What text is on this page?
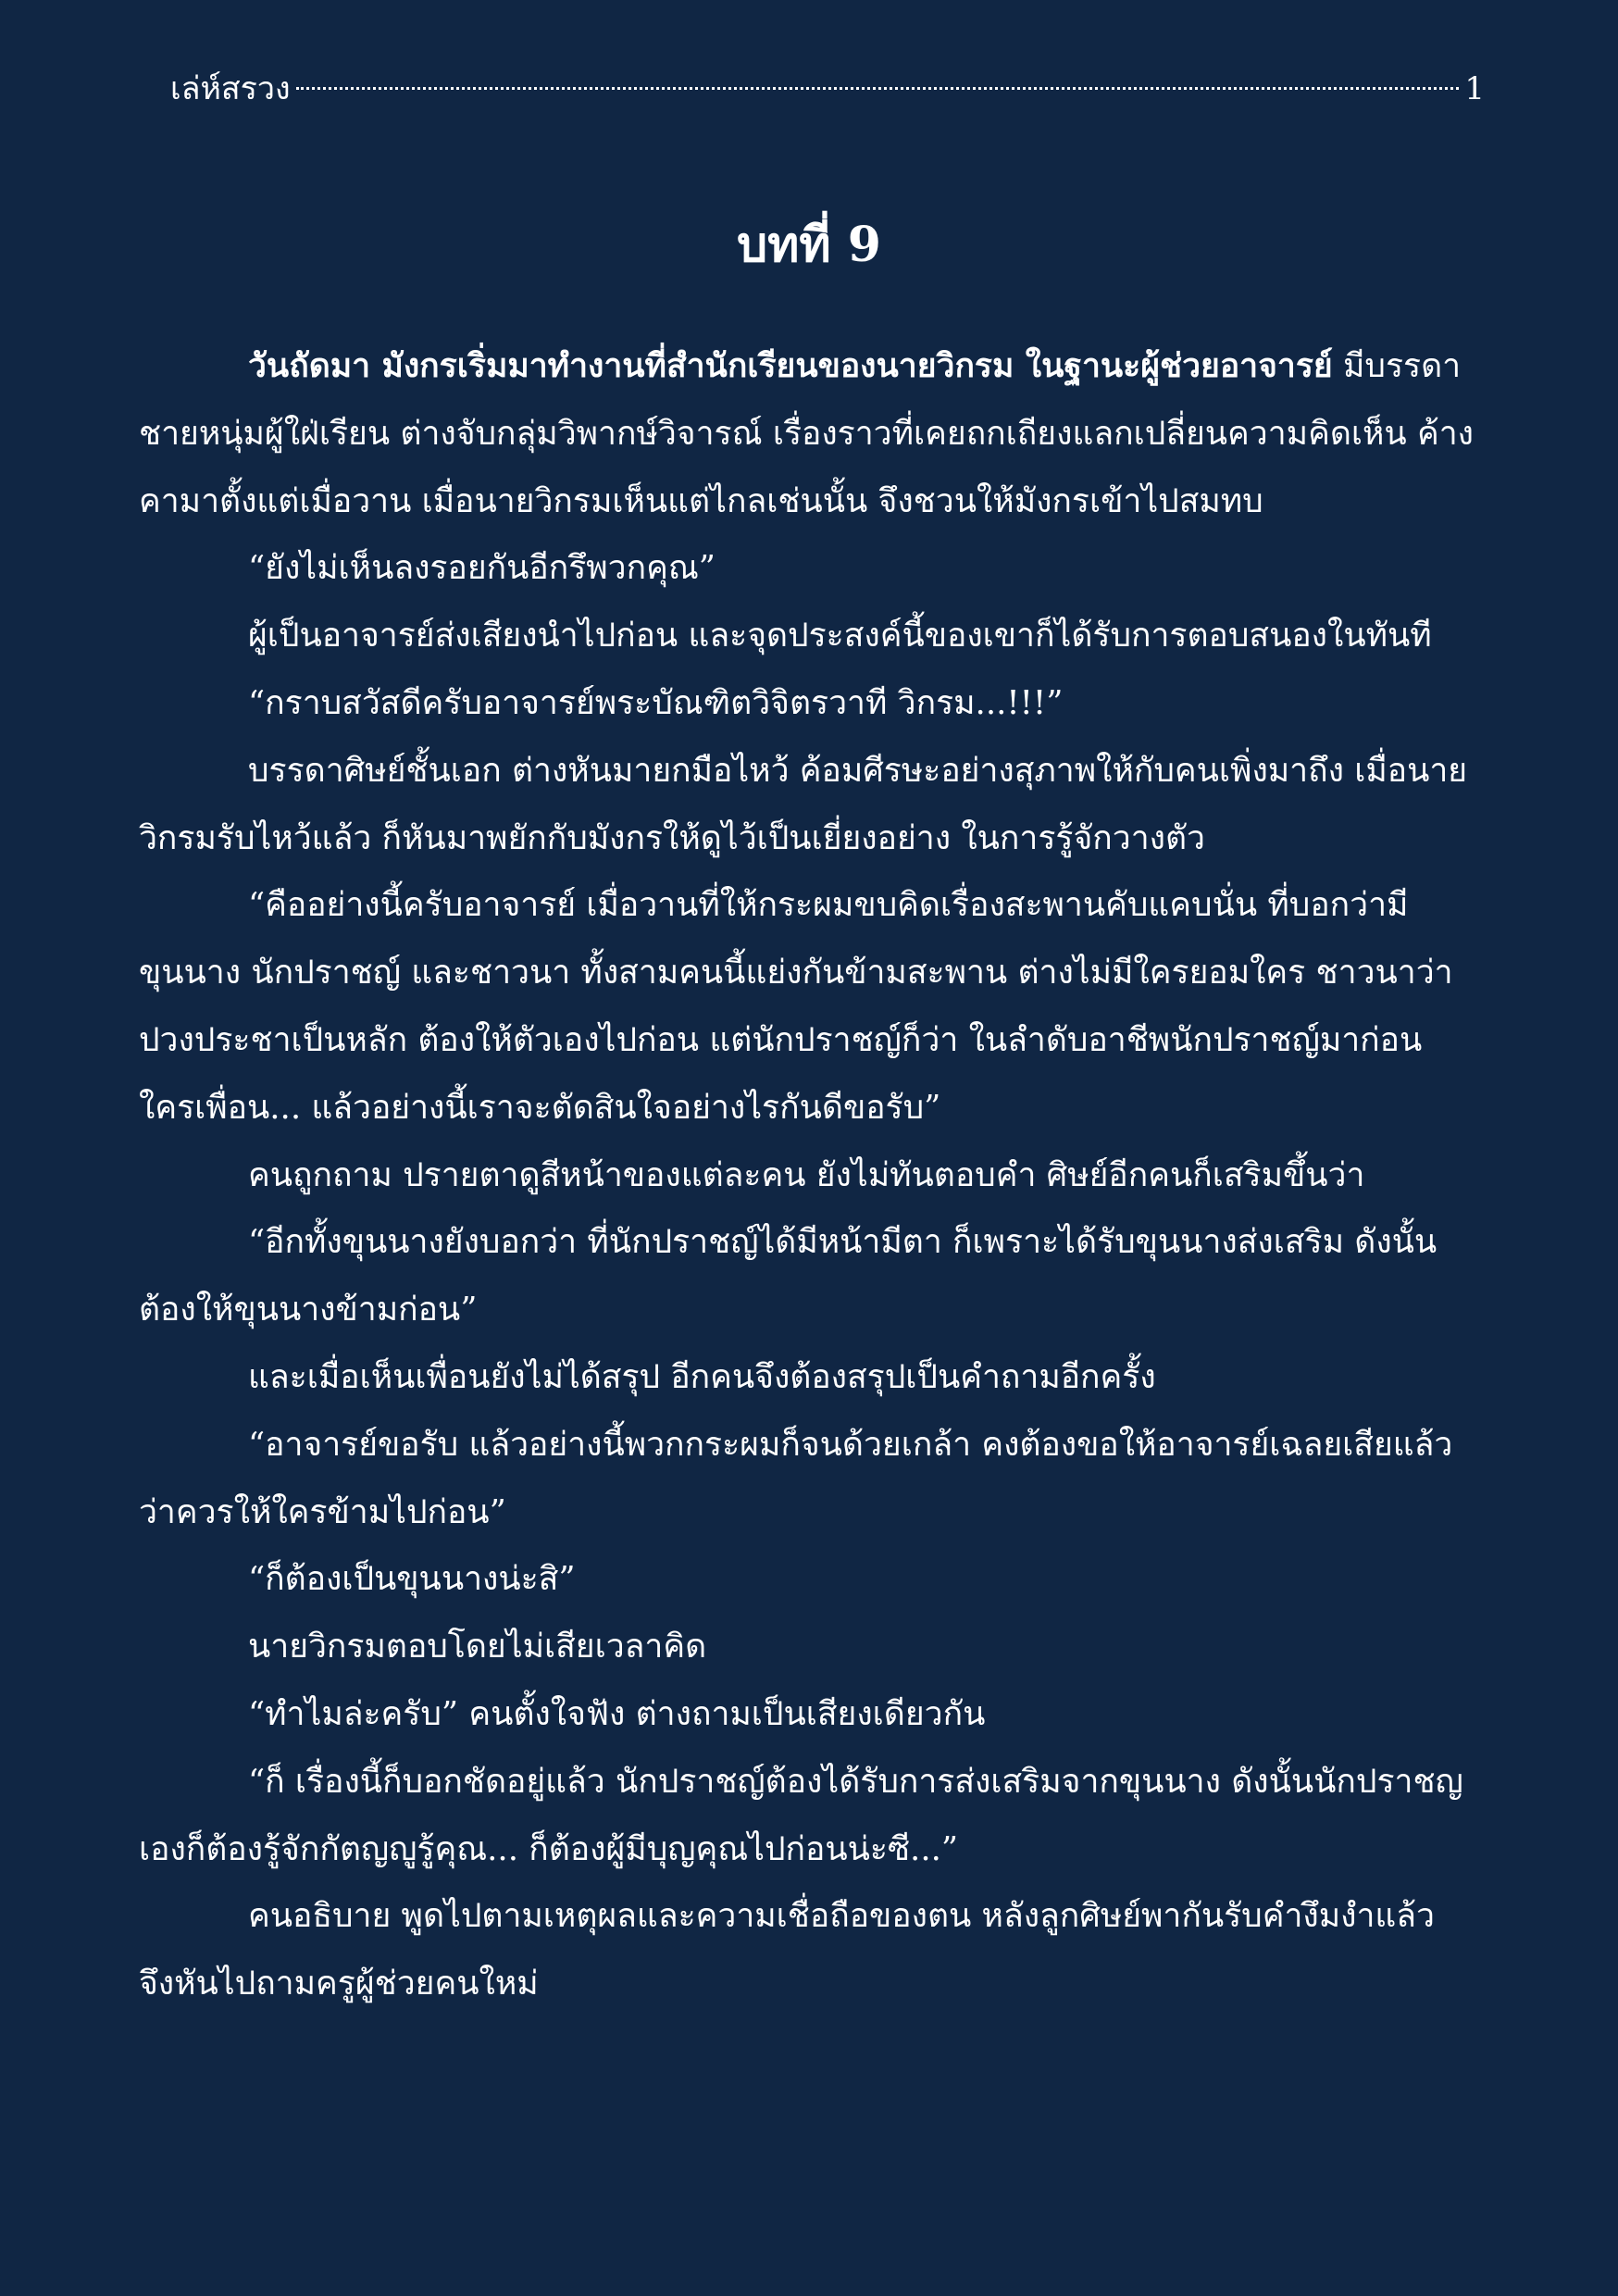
เล่ห์สรวง	1
บทที่ 9

วันถัดมา มังกรเริ่มมาทำงานที่สำนักเรียนของนายวิกรม ในฐานะผู้ช่วยอาจารย์ มีบรรดาชายหนุ่มผู้ใฝ่เรียน ต่างจับกลุ่มวิพากษ์วิจารณ์ เรื่องราวที่เคยถกเถียงแลกเปลี่ยนความคิดเห็น ค้างคามาตั้งแต่เมื่อวาน เมื่อนายวิกรมเห็นแต่ไกลเช่นนั้น จึงชวนให้มังกรเข้าไปสมทบ

“ยังไม่เห็นลงรอยกันอีกรึพวกคุณ”

ผู้เป็นอาจารย์ส่งเสียงนำไปก่อน และจุดประสงค์นี้ของเขาก็ได้รับการตอบสนองในทันที

“กราบสวัสดีครับอาจารย์พระบัณฑิตวิจิตรวาที วิกรม...!!!”

บรรดาศิษย์ชั้นเอก ต่างหันมายกมือไหว้ ค้อมศีรษะอย่างสุภาพให้กับคนเพิ่งมาถึง เมื่อนายวิกรมรับไหว้แล้ว ก็หันมาพยักกับมังกรให้ดูไว้เป็นเยี่ยงอย่าง ในการรู้จักวางตัว

“คืออย่างนี้ครับอาจารย์ เมื่อวานที่ให้กระผมขบคิดเรื่องสะพานคับแคบนั่น ที่บอกว่ามีขุนนาง นักปราชญ์ และชาวนา ทั้งสามคนนี้แย่งกันข้ามสะพาน ต่างไม่มีใครยอมใคร ชาวนาว่า ปวงประชาเป็นหลัก ต้องให้ตัวเองไปก่อน แต่นักปราชญ์ก็ว่า ในลำดับอาชีพนักปราชญ์มาก่อนใครเพื่อน... แล้วอย่างนี้เราจะตัดสินใจอย่างไรกันดีขอรับ”

คนถูกถาม ปรายตาดูสีหน้าของแต่ละคน ยังไม่ทันตอบคำ ศิษย์อีกคนก็เสริมขึ้นว่า

“อีกทั้งขุนนางยังบอกว่า ที่นักปราชญ์ได้มีหน้ามีตา ก็เพราะได้รับขุนนางส่งเสริม ดังนั้นต้องให้ขุนนางข้ามก่อน”

และเมื่อเห็นเพื่อนยังไม่ได้สรุป อีกคนจึงต้องสรุปเป็นคำถามอีกครั้ง

“อาจารย์ขอรับ แล้วอย่างนี้พวกกระผมก็จนด้วยเกล้า คงต้องขอให้อาจารย์เฉลยเสียแล้ว ว่าควรให้ใครข้ามไปก่อน”

“ก็ต้องเป็นขุนนางน่ะสิ”

นายวิกรมตอบโดยไม่เสียเวลาคิด

“ทำไมล่ะครับ” คนตั้งใจฟัง ต่างถามเป็นเสียงเดียวกัน

“ก็ เรื่องนี้ก็บอกชัดอยู่แล้ว นักปราชญ์ต้องได้รับการส่งเสริมจากขุนนาง ดังนั้นนักปราชญเองก็ต้องรู้จักกัตญญูรู้คุณ... ก็ต้องผู้มีบุญคุณไปก่อนน่ะซี...”

คนอธิบาย พูดไปตามเหตุผลและความเชื่อถือของตน หลังลูกศิษย์พากันรับคำงึมงำแล้ว จึงหันไปถามครูผู้ช่วยคนใหม่
